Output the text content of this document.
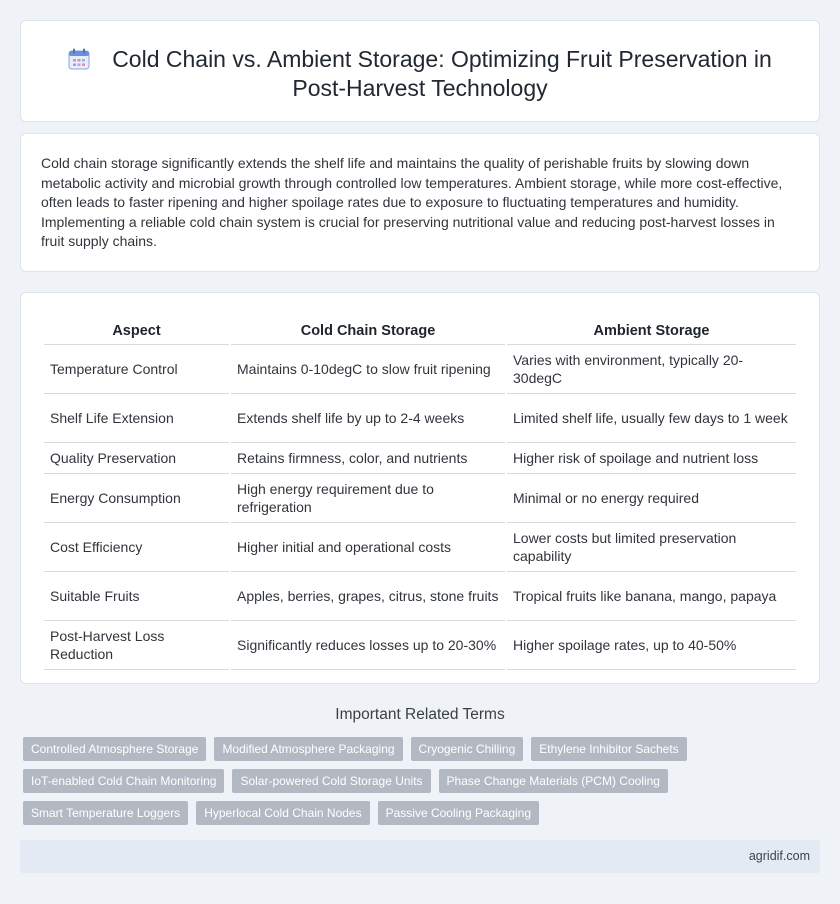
Cold Chain vs. Ambient Storage: Optimizing Fruit Preservation in
Post-Harvest Technology

Cold chain storage significantly extends the shelf life and maintains the quality of perishable fruits by slowing down metabolic activity and microbial growth through controlled low temperatures. Ambient storage, while more cost-effective, often leads to faster ripening and higher spoilage rates due to exposure to fluctuating temperatures and humidity. Implementing a reliable cold chain system is crucial for preserving nutritional value and reducing post-harvest losses in fruit supply chains.

Aspect	Cold Chain Storage	Ambient Storage
Temperature Control	Maintains 0-10degC to slow fruit ripening	Varies with environment, typically 20-30degC
Shelf Life Extension	Extends shelf life by up to 2-4 weeks	Limited shelf life, usually few days to 1 week
Quality Preservation	Retains firmness, color, and nutrients	Higher risk of spoilage and nutrient loss
Energy Consumption	High energy requirement due to refrigeration	Minimal or no energy required
Cost Efficiency	Higher initial and operational costs	Lower costs but limited preservation capability
Suitable Fruits	Apples, berries, grapes, citrus, stone fruits	Tropical fruits like banana, mango, papaya
Post-Harvest Loss Reduction	Significantly reduces losses up to 20-30%	Higher spoilage rates, up to 40-50%
Important Related Terms
Controlled Atmosphere Storage	Modified Atmosphere Packaging	Cryogenic Chilling	Ethylene Inhibitor Sachets
IoT-enabled Cold Chain Monitoring	Solar-powered Cold Storage Units	Phase Change Materials (PCM) Cooling
Smart Temperature Loggers	Hyperlocal Cold Chain Nodes	Passive Cooling Packaging
agridif.com
